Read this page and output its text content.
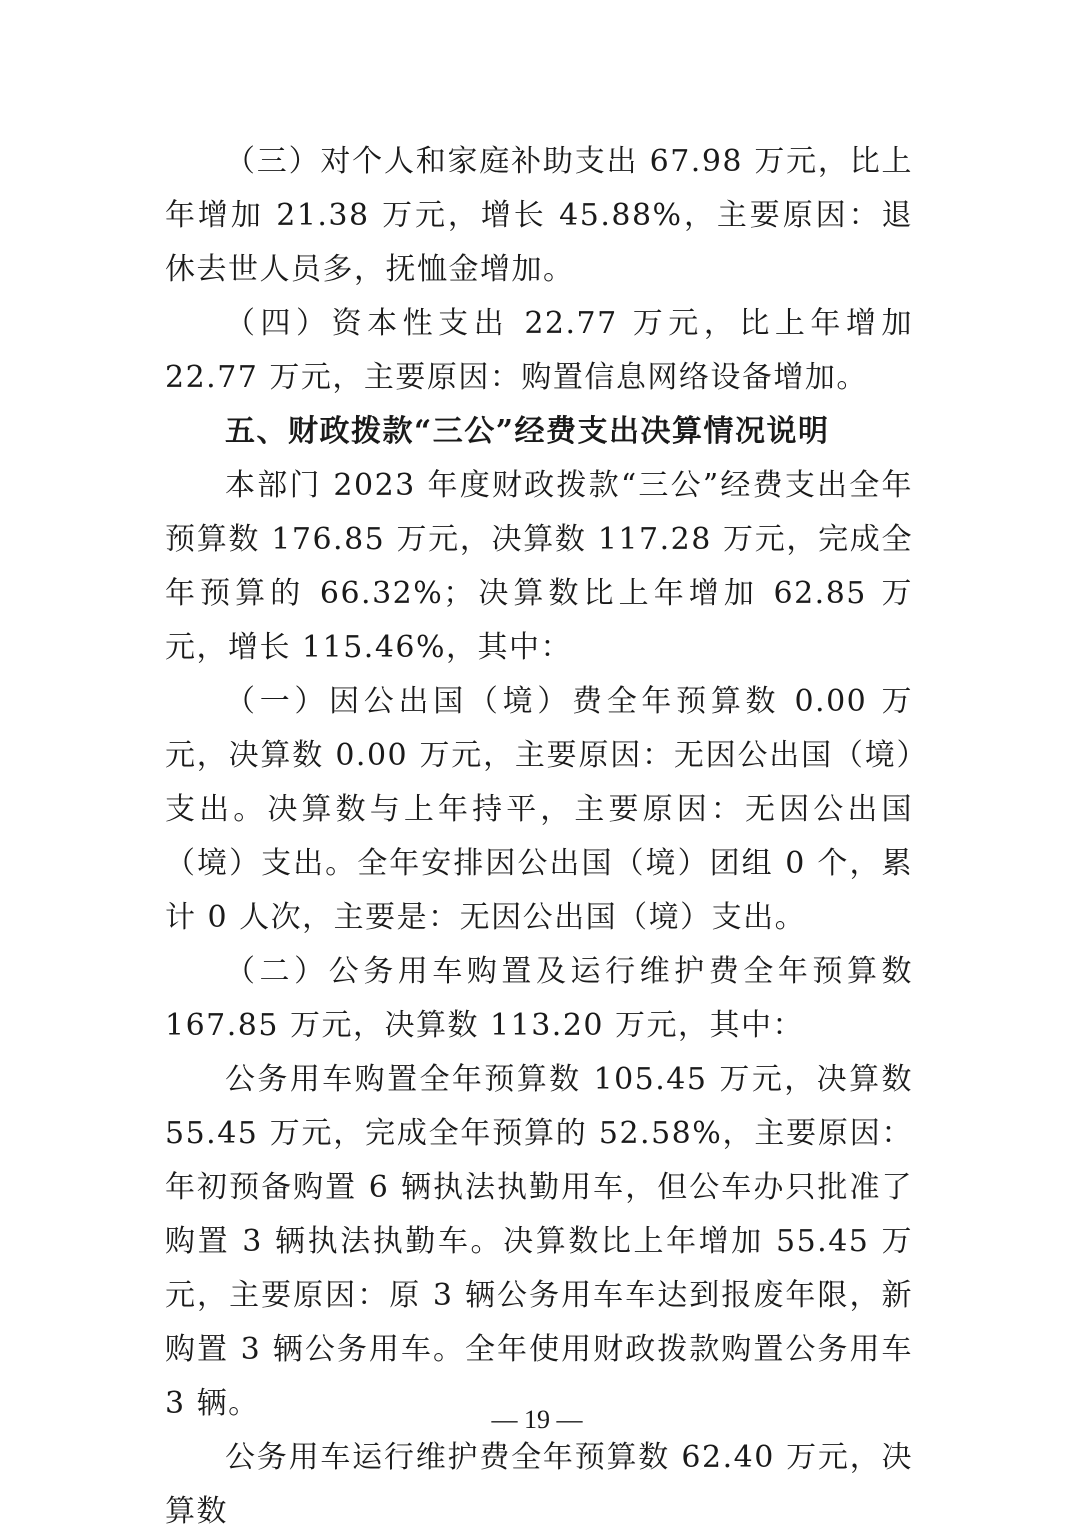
（三）对个人和家庭补助支出 67.98 万元，比上年增加 21.38 万元，增长 45.88%，主要原因：退休去世人员多，抚恤金增加。

（四）资本性支出 22.77 万元，比上年增加 22.77 万元，主要原因：购置信息网络设备增加。

五、财政拨款“三公”经费支出决算情况说明

本部门 2023 年度财政拨款“三公”经费支出全年预算数 176.85 万元，决算数 117.28 万元，完成全年预算的 66.32%；决算数比上年增加 62.85 万元，增长 115.46%，其中：

（一）因公出国（境）费全年预算数 0.00 万元，决算数 0.00 万元，主要原因：无因公出国（境）支出。决算数与上年持平，主要原因：无因公出国（境）支出。全年安排因公出国（境）团组 0 个，累计 0 人次，主要是：无因公出国（境）支出。

（二）公务用车购置及运行维护费全年预算数 167.85 万元，决算数 113.20 万元，其中：

公务用车购置全年预算数 105.45 万元，决算数 55.45 万元，完成全年预算的 52.58%，主要原因：年初预备购置 6 辆执法执勤用车，但公车办只批准了购置 3 辆执法执勤车。决算数比上年增加 55.45 万元，主要原因：原 3 辆公务用车车达到报废年限，新购置 3 辆公务用车。全年使用财政拨款购置公务用车 3 辆。

公务用车运行维护费全年预算数 62.40 万元，决算数

— 19 —
